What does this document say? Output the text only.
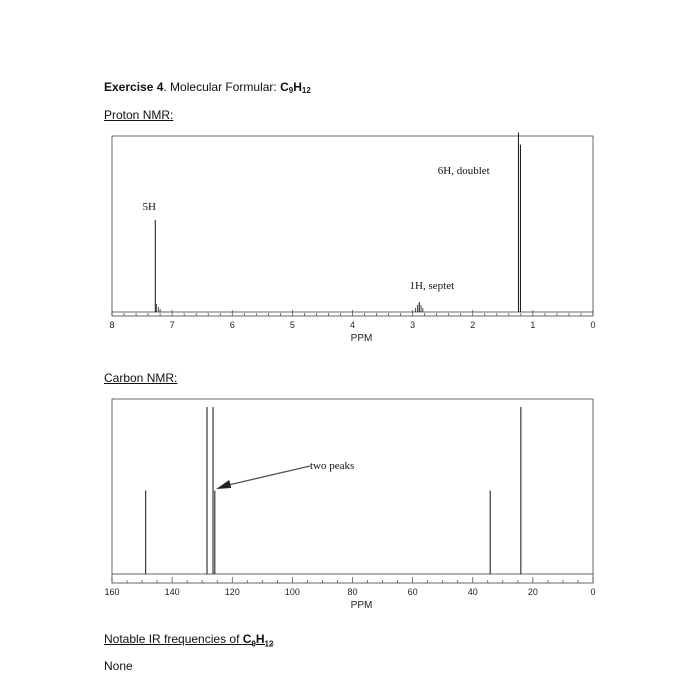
Exercise 4. Molecular Formular: $C_9H_{12}$
Proton NMR:
8	7	6	5	4	3	2	1	0
PPM
5H
1H, septet
6H, doublet
Carbon NMR:
160	140	120	100	80	60	40	20	0
PPM
two peaks
Notable IR frequencies of $C_9H_{12}$
None
